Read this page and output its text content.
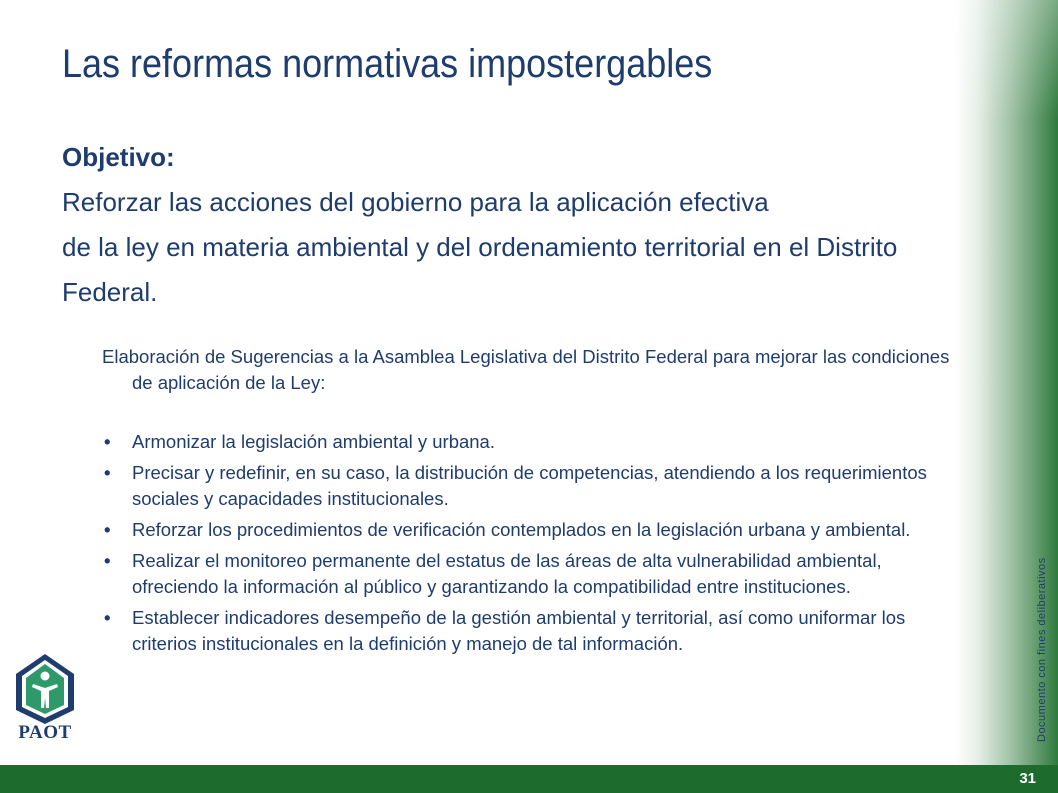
31
Documento con fines deliberativos
Las reformas normativas impostergables
Objetivo:
Reforzar las acciones del gobierno para la aplicación efectiva
de la ley en materia ambiental y del ordenamiento territorial en el Distrito Federal.
Elaboración de Sugerencias a la Asamblea Legislativa del Distrito Federal para mejorar las condiciones de aplicación de la Ley:
• Armonizar la legislación ambiental y urbana.
• Precisar y redefinir, en su caso, la distribución de competencias, atendiendo a los requerimientos sociales y capacidades institucionales.
• Reforzar los procedimientos de verificación contemplados en la legislación urbana y ambiental.
• Realizar el monitoreo permanente del estatus de las áreas de alta vulnerabilidad ambiental, ofreciendo la información al público y garantizando la compatibilidad entre instituciones.
• Establecer indicadores desempeño de la gestión ambiental y territorial, así como uniformar los criterios institucionales en la definición y manejo de tal información.
PAOT
